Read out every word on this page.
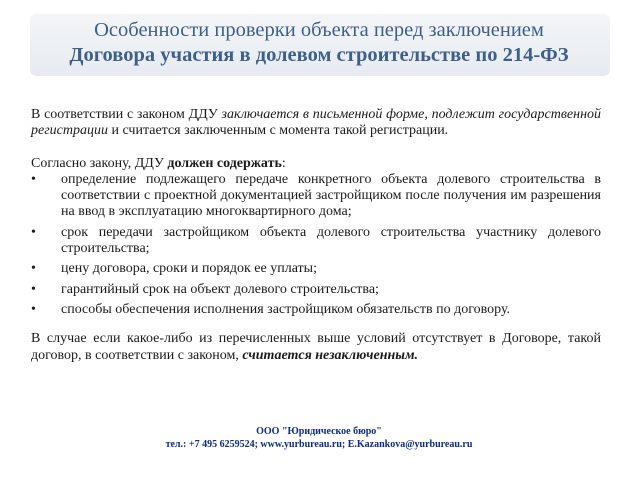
Особенности проверки объекта перед заключением
Договора участия в долевом строительстве по 214-ФЗ

В соответствии с законом ДДУ заключается в письменной форме, подлежит государственной регистрации и считается заключенным с момента такой регистрации.

Согласно закону, ДДУ должен содержать:

• определение подлежащего передаче конкретного объекта долевого строительства в соответствии с проектной документацией застройщиком после получения им разрешения на ввод в эксплуатацию многоквартирного дома;
• срок передачи застройщиком объекта долевого строительства участнику долевого строительства;
• цену договора, сроки и порядок ее уплаты;
• гарантийный срок на объект долевого строительства;
• способы обеспечения исполнения застройщиком обязательств по договору.

В случае если какое-либо из перечисленных выше условий отсутствует в Договоре, такой договор, в соответствии с законом, считается незаключенным.

ООО "Юридическое бюро"
тел.: +7 495 6259524; www.yurbureau.ru; E.Kazankova@yurbureau.ru
